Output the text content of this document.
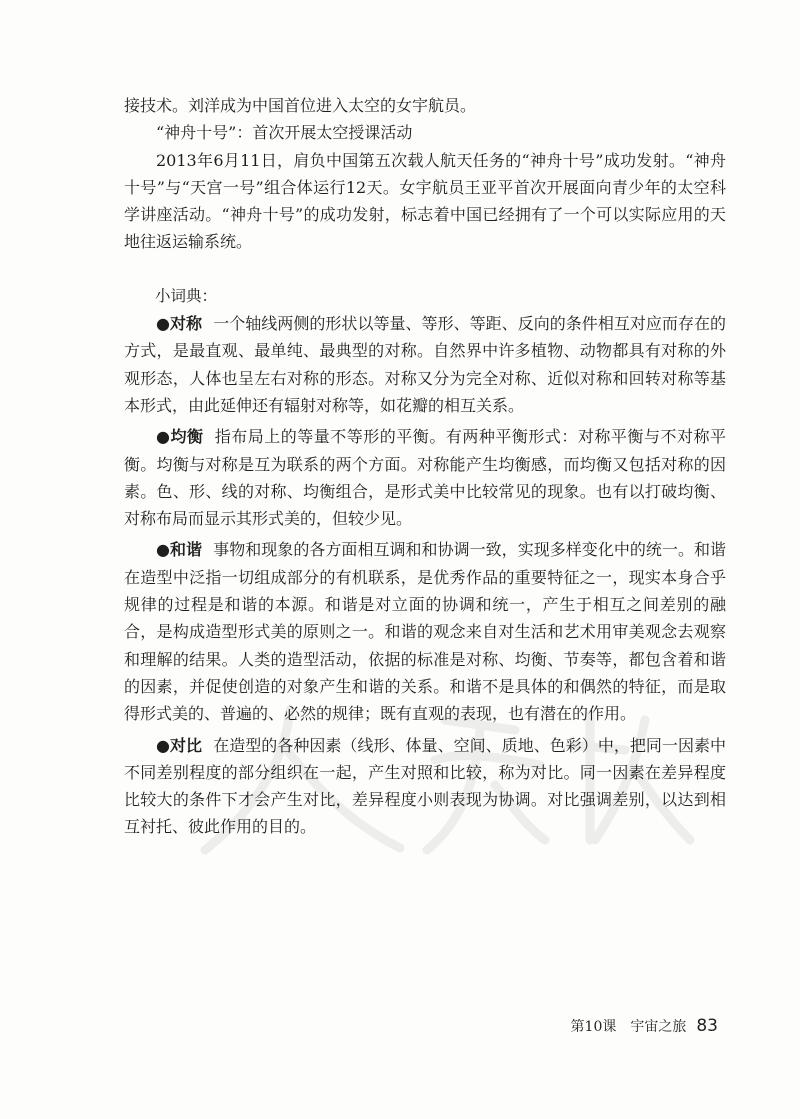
接技术。刘洋成为中国首位进入太空的女宇航员。

“神舟十号”：首次开展太空授课活动

2013年6月11日，肩负中国第五次载人航天任务的“神舟十号”成功发射。“神舟十号”与“天宫一号”组合体运行12天。女宇航员王亚平首次开展面向青少年的太空科学讲座活动。“神舟十号”的成功发射，标志着中国已经拥有了一个可以实际应用的天地往返运输系统。

小词典：

●对称 一个轴线两侧的形状以等量、等形、等距、反向的条件相互对应而存在的方式，是最直观、最单纯、最典型的对称。自然界中许多植物、动物都具有对称的外观形态，人体也呈左右对称的形态。对称又分为完全对称、近似对称和回转对称等基本形式，由此延伸还有辐射对称等，如花瓣的相互关系。

●均衡 指布局上的等量不等形的平衡。有两种平衡形式：对称平衡与不对称平衡。均衡与对称是互为联系的两个方面。对称能产生均衡感，而均衡又包括对称的因素。色、形、线的对称、均衡组合，是形式美中比较常见的现象。也有以打破均衡、对称布局而显示其形式美的，但较少见。

●和谐 事物和现象的各方面相互调和和协调一致，实现多样变化中的统一。和谐在造型中泛指一切组成部分的有机联系，是优秀作品的重要特征之一，现实本身合乎规律的过程是和谐的本源。和谐是对立面的协调和统一，产生于相互之间差别的融合，是构成造型形式美的原则之一。和谐的观念来自对生活和艺术用审美观念去观察和理解的结果。人类的造型活动，依据的标准是对称、均衡、节奏等，都包含着和谐的因素，并促使创造的对象产生和谐的关系。和谐不是具体的和偶然的特征，而是取得形式美的、普遍的、必然的规律；既有直观的表现，也有潜在的作用。

●对比 在造型的各种因素（线形、体量、空间、质地、色彩）中，把同一因素中不同差别程度的部分组织在一起，产生对照和比较，称为对比。同一因素在差异程度比较大的条件下才会产生对比，差异程度小则表现为协调。对比强调差别，以达到相互衬托、彼此作用的目的。

第10课　宇宙之旅 83
